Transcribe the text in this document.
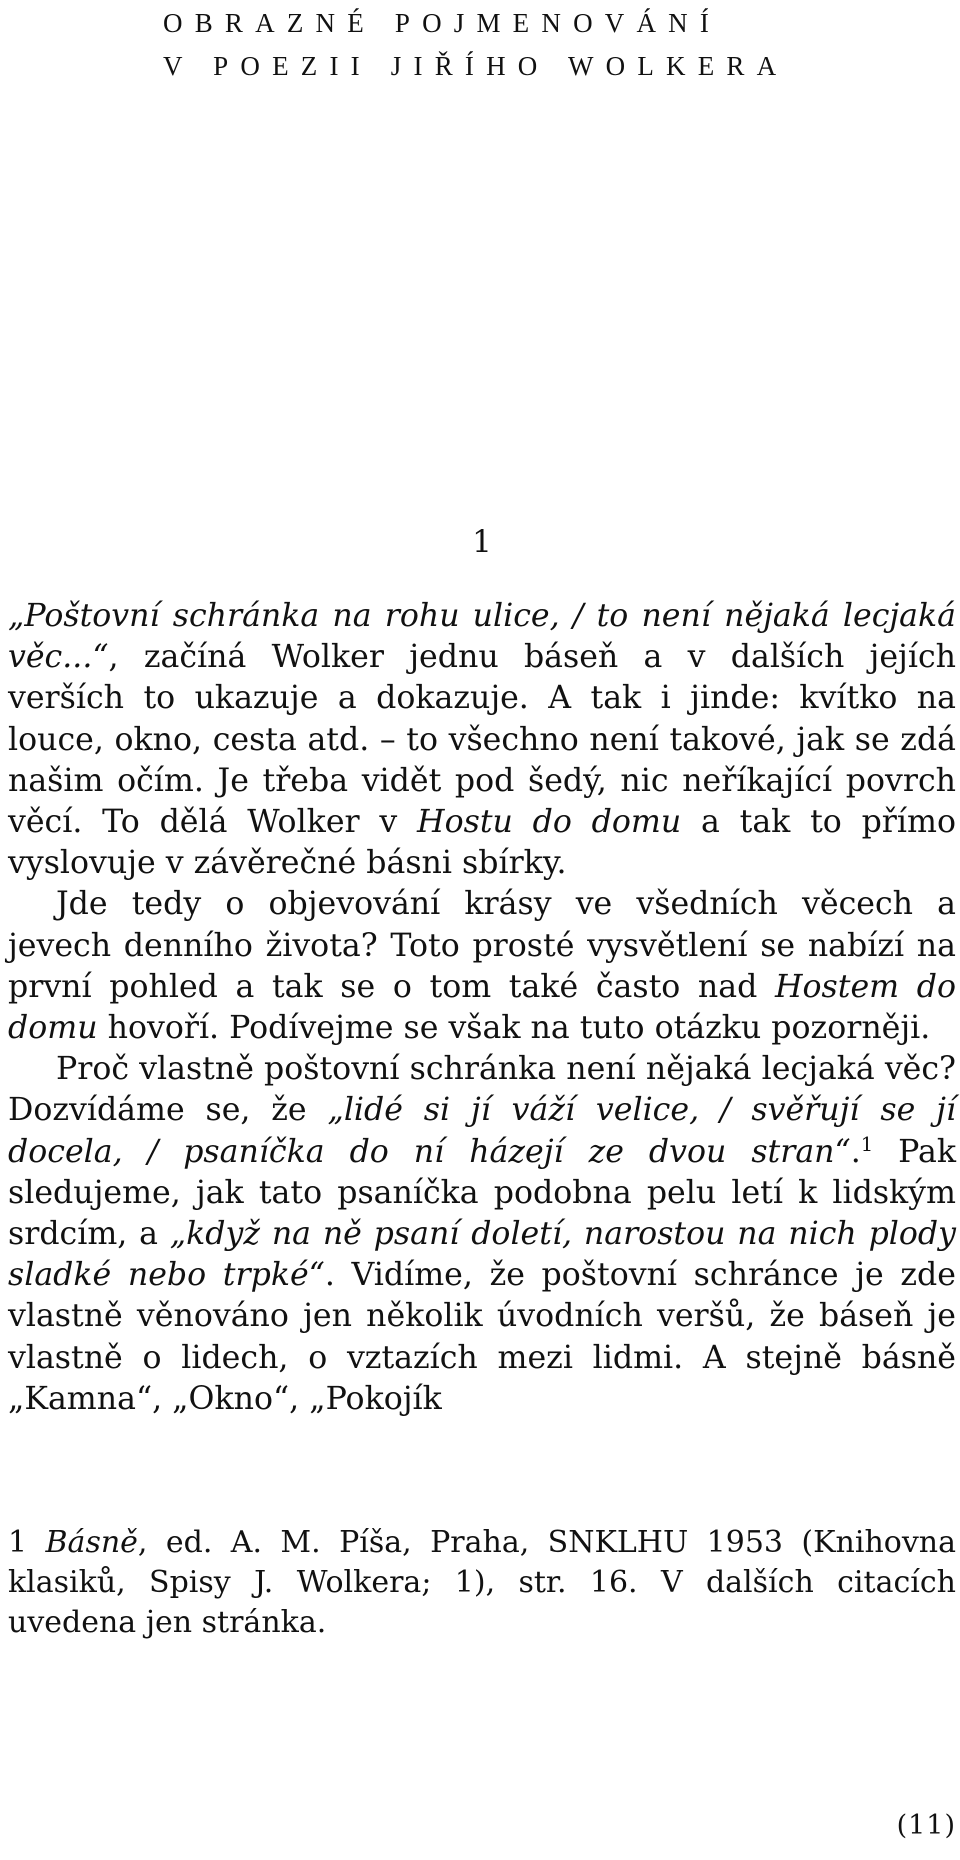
OBRAZNÉ POJMENOVÁNÍ
V POEZII JIŘÍHO WOLKERA
1

„Poštovní schránka na rohu ulice, / to není nějaká lecjaká věc...“, začíná Wolker jednu báseň a v dalších jejích verších to ukazuje a dokazuje. A tak i jinde: kvítko na louce, okno, cesta atd. – to všechno není takové, jak se zdá našim očím. Je třeba vidět pod šedý, nic neříkající povrch věcí. To dělá Wolker v Hostu do domu a tak to přímo vyslovuje v závěrečné básni sbírky.

Jde tedy o objevování krásy ve všedních věcech a jevech denního života? Toto prosté vysvětlení se nabízí na první pohled a tak se o tom také často nad Hostem do domu hovoří. Podívejme se však na tuto otázku pozorněji.

Proč vlastně poštovní schránka není nějaká lecjaká věc? Dozvídáme se, že „lidé si jí váží velice, / svěřují se jí docela, / psaníčka do ní házejí ze dvou stran“.$^1$ Pak sledujeme, jak tato psaníčka podobna pelu letí k lidským srdcím, a „když na ně psaní doletí, narostou na nich plody sladké nebo trpké“. Vidíme, že poštovní schránce je zde vlastně věnováno jen několik úvodních veršů, že báseň je vlastně o lidech, o vztazích mezi lidmi. A stejně básně „Kamna“, „Okno“, „Pokojík

1 Básně, ed. A. M. Píša, Praha, SNKLHU 1953 (Knihovna klasiků, Spisy J. Wolkera; 1), str. 16. V dalších citacích uvedena jen stránka.

(11)
